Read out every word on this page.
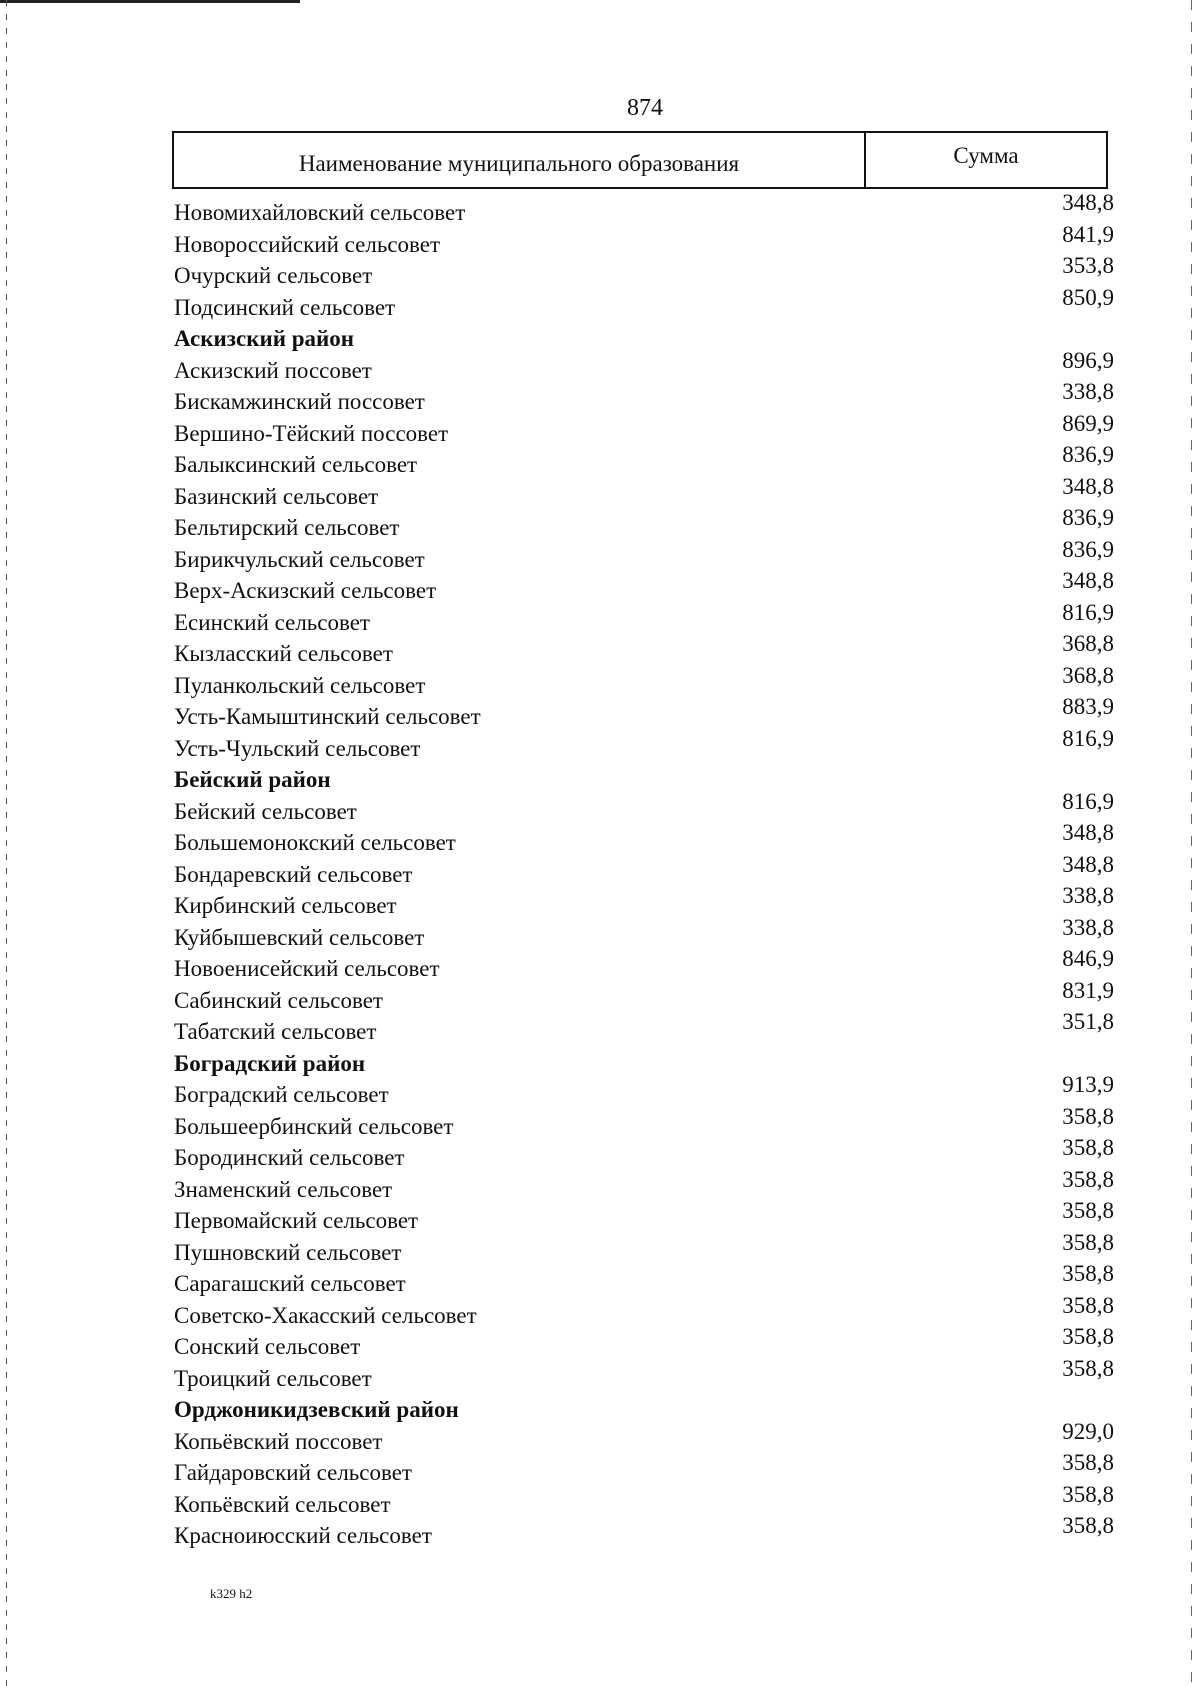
874
Наименование муниципального образования	Сумма
Новомихайловский сельсовет	348,8
Новороссийский сельсовет	841,9
Очурский сельсовет	353,8
Подсинский сельсовет	850,9
Аскизский район
Аскизский поссовет	896,9
Бискамжинский поссовет	338,8
Вершино-Тёйский поссовет	869,9
Балыксинский сельсовет	836,9
Базинский сельсовет	348,8
Бельтирский сельсовет	836,9
Бирикчульский сельсовет	836,9
Верх-Аскизский сельсовет	348,8
Есинский сельсовет	816,9
Кызласский сельсовет	368,8
Пуланкольский сельсовет	368,8
Усть-Камыштинский сельсовет	883,9
Усть-Чульский сельсовет	816,9
Бейский район
Бейский сельсовет	816,9
Большемонокский сельсовет	348,8
Бондаревский сельсовет	348,8
Кирбинский сельсовет	338,8
Куйбышевский сельсовет	338,8
Новоенисейский сельсовет	846,9
Сабинский сельсовет	831,9
Табатский сельсовет	351,8
Боградский район
Боградский сельсовет	913,9
Большеербинский сельсовет	358,8
Бородинский сельсовет	358,8
Знаменский сельсовет	358,8
Первомайский сельсовет	358,8
Пушновский сельсовет	358,8
Сарагашский сельсовет	358,8
Советско-Хакасский сельсовет	358,8
Сонский сельсовет	358,8
Троицкий сельсовет	358,8
Орджоникидзевский район
Копьёвский поссовет	929,0
Гайдаровский сельсовет	358,8
Копьёвский сельсовет	358,8
Красноиюсский сельсовет	358,8
k329 h2
